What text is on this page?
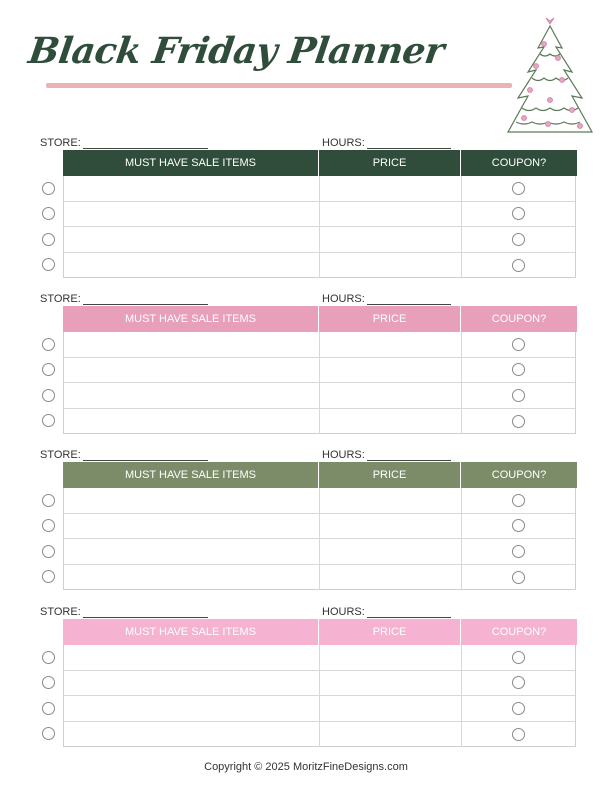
Black Friday Planner
STORE:	HOURS:
MUST HAVE SALE ITEMS	PRICE	COUPON?
STORE:	HOURS:
MUST HAVE SALE ITEMS	PRICE	COUPON?
STORE:	HOURS:
MUST HAVE SALE ITEMS	PRICE	COUPON?
STORE:	HOURS:
MUST HAVE SALE ITEMS	PRICE	COUPON?
Copyright © 2025 MoritzFineDesigns.com
